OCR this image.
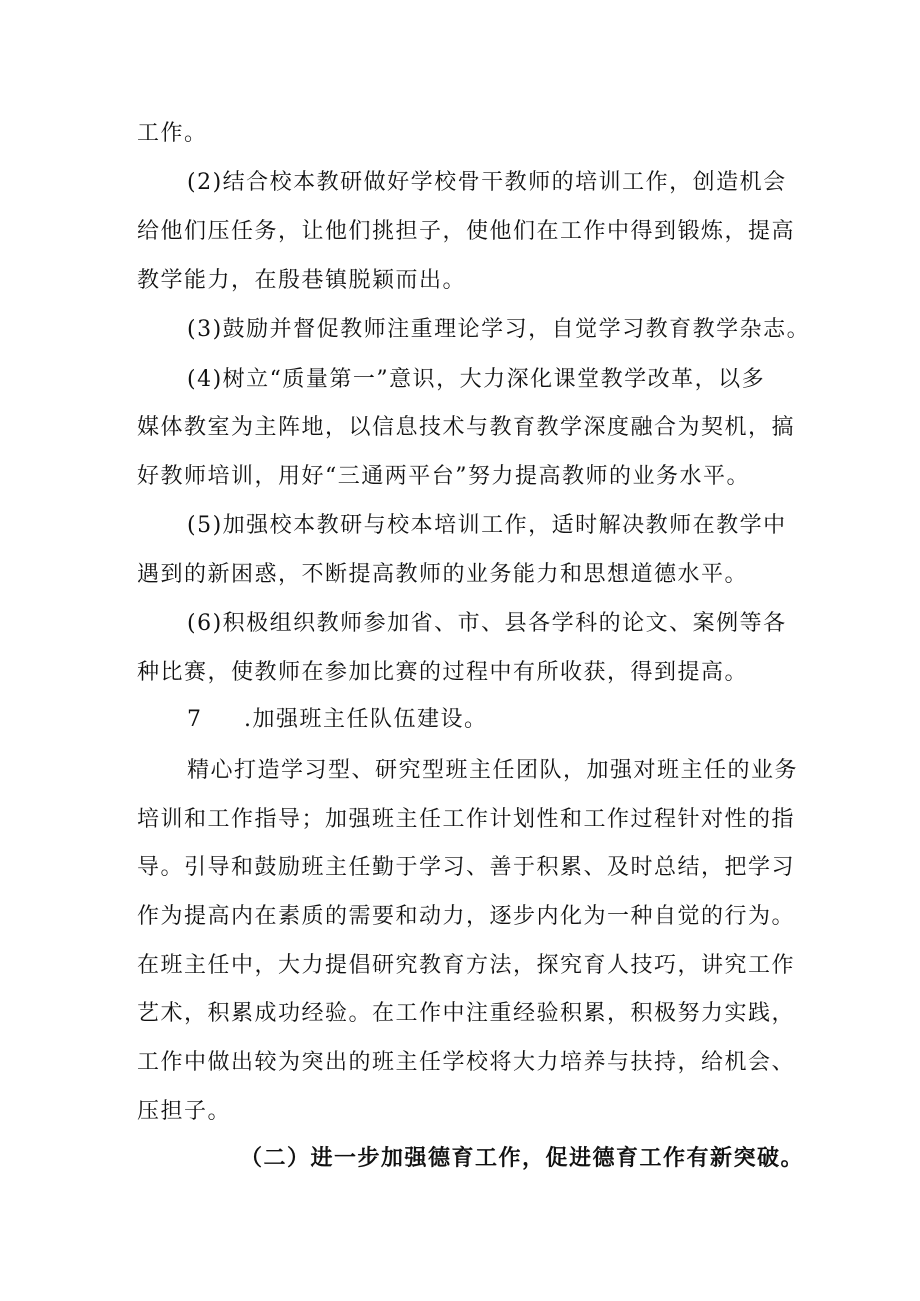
工作。
(2)结合校本教研做好学校骨干教师的培训工作，创造机会
给他们压任务，让他们挑担子，使他们在工作中得到锻炼，提高
教学能力，在殷巷镇脱颖而出。
(3)鼓励并督促教师注重理论学习，自觉学习教育教学杂志。
(4)树立“质量第一”意识，大力深化课堂教学改革，以多
媒体教室为主阵地，以信息技术与教育教学深度融合为契机，搞
好教师培训，用好“三通两平台”努力提高教师的业务水平。
(5)加强校本教研与校本培训工作，适时解决教师在教学中
遇到的新困惑，不断提高教师的业务能力和思想道德水平。
(6)积极组织教师参加省、市、县各学科的论文、案例等各
种比赛，使教师在参加比赛的过程中有所收获，得到提高。
7 .加强班主任队伍建设。
精心打造学习型、研究型班主任团队，加强对班主任的业务
培训和工作指导；加强班主任工作计划性和工作过程针对性的指
导。引导和鼓励班主任勤于学习、善于积累、及时总结，把学习
作为提高内在素质的需要和动力，逐步内化为一种自觉的行为。
在班主任中，大力提倡研究教育方法，探究育人技巧，讲究工作
艺术，积累成功经验。在工作中注重经验积累，积极努力实践，
工作中做出较为突出的班主任学校将大力培养与扶持，给机会、
压担子。
（二）进一步加强德育工作，促进德育工作有新突破。
